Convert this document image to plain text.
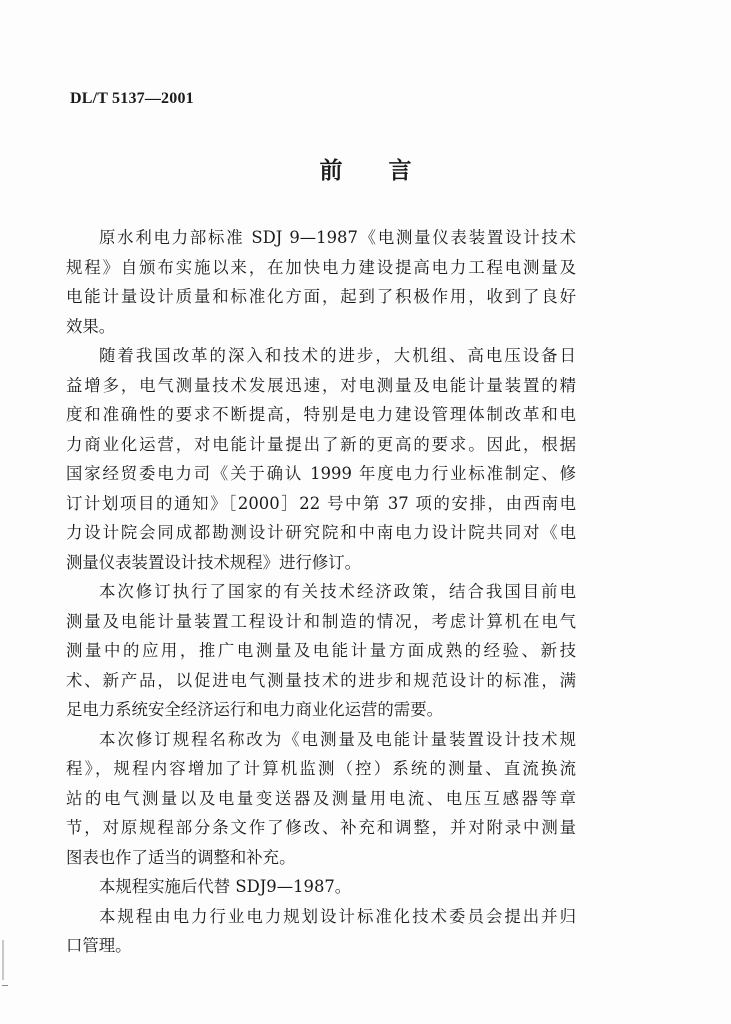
DL/T 5137—2001
前言
原水利电力部标准 SDJ 9—1987《电测量仪表装置设计技术
规程》自颁布实施以来，在加快电力建设提高电力工程电测量及
电能计量设计质量和标准化方面，起到了积极作用，收到了良好
效果。
随着我国改革的深入和技术的进步，大机组、高电压设备日
益增多，电气测量技术发展迅速，对电测量及电能计量装置的精
度和准确性的要求不断提高，特别是电力建设管理体制改革和电
力商业化运营，对电能计量提出了新的更高的要求。因此，根据
国家经贸委电力司《关于确认 1999 年度电力行业标准制定、修
订计划项目的通知》［2000］22 号中第 37 项的安排，由西南电
力设计院会同成都勘测设计研究院和中南电力设计院共同对《电
测量仪表装置设计技术规程》进行修订。
本次修订执行了国家的有关技术经济政策，结合我国目前电
测量及电能计量装置工程设计和制造的情况，考虑计算机在电气
测量中的应用，推广电测量及电能计量方面成熟的经验、新技
术、新产品，以促进电气测量技术的进步和规范设计的标准，满
足电力系统安全经济运行和电力商业化运营的需要。
本次修订规程名称改为《电测量及电能计量装置设计技术规
程》，规程内容增加了计算机监测（控）系统的测量、直流换流
站的电气测量以及电量变送器及测量用电流、电压互感器等章
节，对原规程部分条文作了修改、补充和调整，并对附录中测量
图表也作了适当的调整和补充。
本规程实施后代替 SDJ9—1987。
本规程由电力行业电力规划设计标准化技术委员会提出并归
口管理。
